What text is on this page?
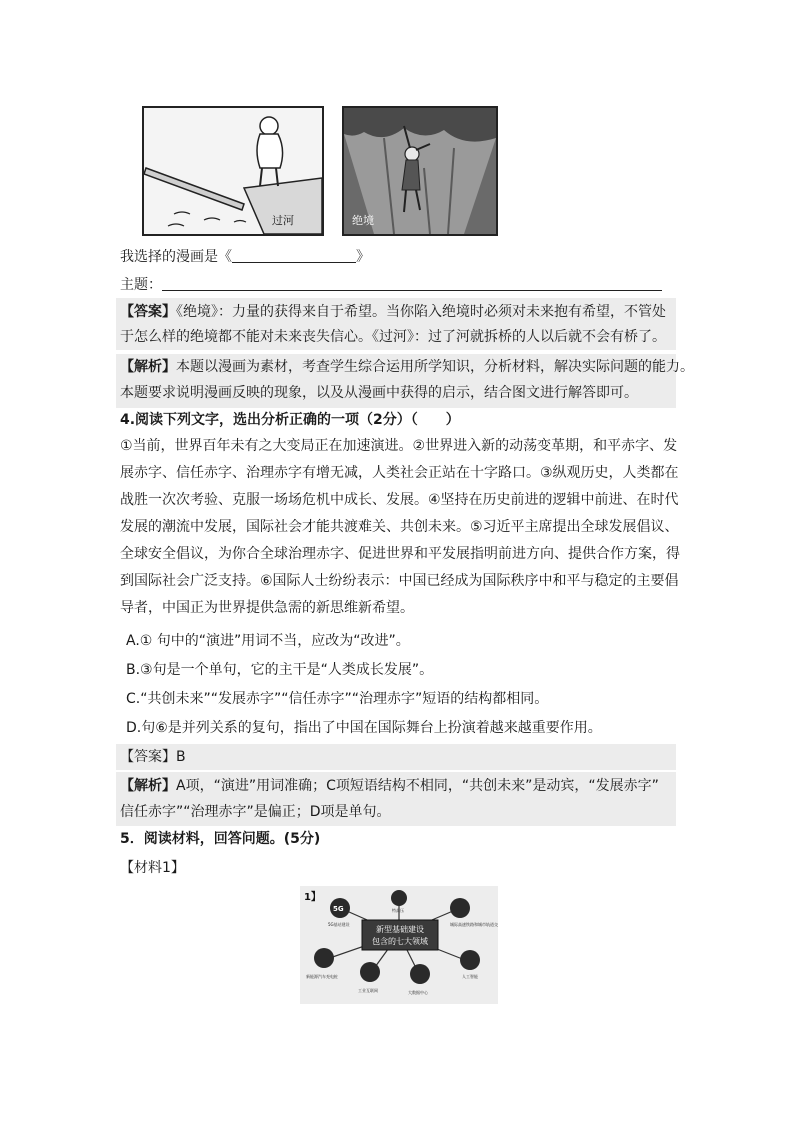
过河	绝境
我选择的漫画是《	》
主题：
【答案】《绝境》：力量的获得来自于希望。当你陷入绝境时必须对未来抱有希望，不管处
于怎么样的绝境都不能对未来丧失信心。《过河》：过了河就拆桥的人以后就不会有桥了。
【解析】本题以漫画为素材，考查学生综合运用所学知识，分析材料，解决实际问题的能力。
本题要求说明漫画反映的现象，以及从漫画中获得的启示，结合图文进行解答即可。
4.阅读下列文字，选出分析正确的一项（2分）（　　）
①当前，世界百年未有之大变局正在加速演进。②世界进入新的动荡变革期，和平赤字、发
展赤字、信任赤字、治理赤字有增无减，人类社会正站在十字路口。③纵观历史，人类都在
战胜一次次考验、克服一场场危机中成长、发展。④坚持在历史前进的逻辑中前进、在时代
发展的潮流中发展，国际社会才能共渡难关、共创未来。⑤习近平主席提出全球发展倡议、
全球安全倡议，为你合全球治理赤字、促进世界和平发展指明前进方向、提供合作方案，得
到国际社会广泛支持。⑥国际人士纷纷表示：中国已经成为国际秩序中和平与稳定的主要倡
导者，中国正为世界提供急需的新思维新希望。
A.① 句中的“演进”用词不当，应改为“改进”。
B.③句是一个单句，它的主干是“人类成长发展”。
C.“共创未来”“发展赤字”“信任赤字”“治理赤字”短语的结构都相同。
D.句⑥是并列关系的复句，指出了中国在国际舞台上扮演着越来越重要作用。
【答案】B
【解析】A项，“演进”用词准确；C项短语结构不相同，“共创未来”是动宾，“发展赤字”
信任赤字”“治理赤字”是偏正；D项是单句。
5．阅读材料，回答问题。(5分)
【材料1】
1】
5G
新型基础建设
包含的七大领域
5G基站建设
特高压
城际高速铁路和城市轨道交通
新能源汽车充电桩	人工智能
工业互联网	大数据中心
